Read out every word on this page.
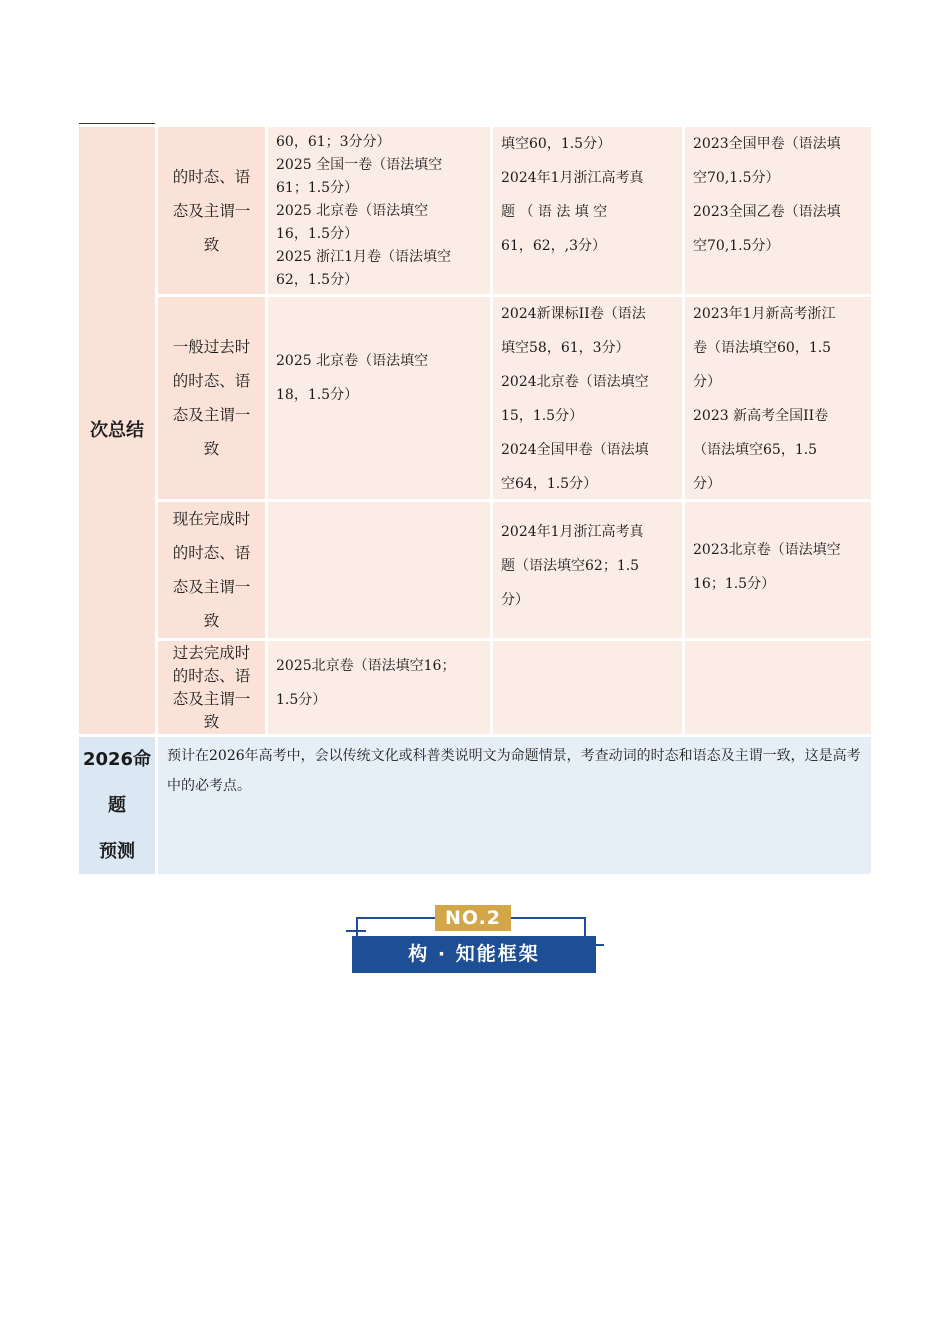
次总结
的时态、语
态及主谓一
致

60，61；3分分）

2025 全国一卷（语法填空

61；1.5分）

2025 北京卷（语法填空

16，1.5分）

2025 浙江1月卷（语法填空

62，1.5分）

填空60，1.5分）

2024年1月浙江高考真

题 （ 语 法 填 空

61，62，,3分）

2023全国甲卷（语法填

空70,1.5分）

2023全国乙卷（语法填

空70,1.5分）

一般过去时
的时态、语
态及主谓一
致

2025 北京卷（语法填空

18，1.5分）

2024新课标II卷（语法

填空58，61，3分）

2024北京卷（语法填空

15，1.5分）

2024全国甲卷（语法填

空64，1.5分）

2023年1月新高考浙江

卷（语法填空60，1.5

分）

2023 新高考全国II卷

（语法填空65，1.5

分）

现在完成时
的时态、语
态及主谓一
致

2024年1月浙江高考真

题（语法填空62；1.5

分）

2023北京卷（语法填空

16；1.5分）

过去完成时
的时态、语
态及主谓一
致

2025北京卷（语法填空16；

1.5分）

2026命
题
预测
预计在2026年高考中，会以传统文化或科普类说明文为命题情景，考查动词的时态和语态及主谓一致，这是高考中的必考点。
NO.2
构 · 知能框架
